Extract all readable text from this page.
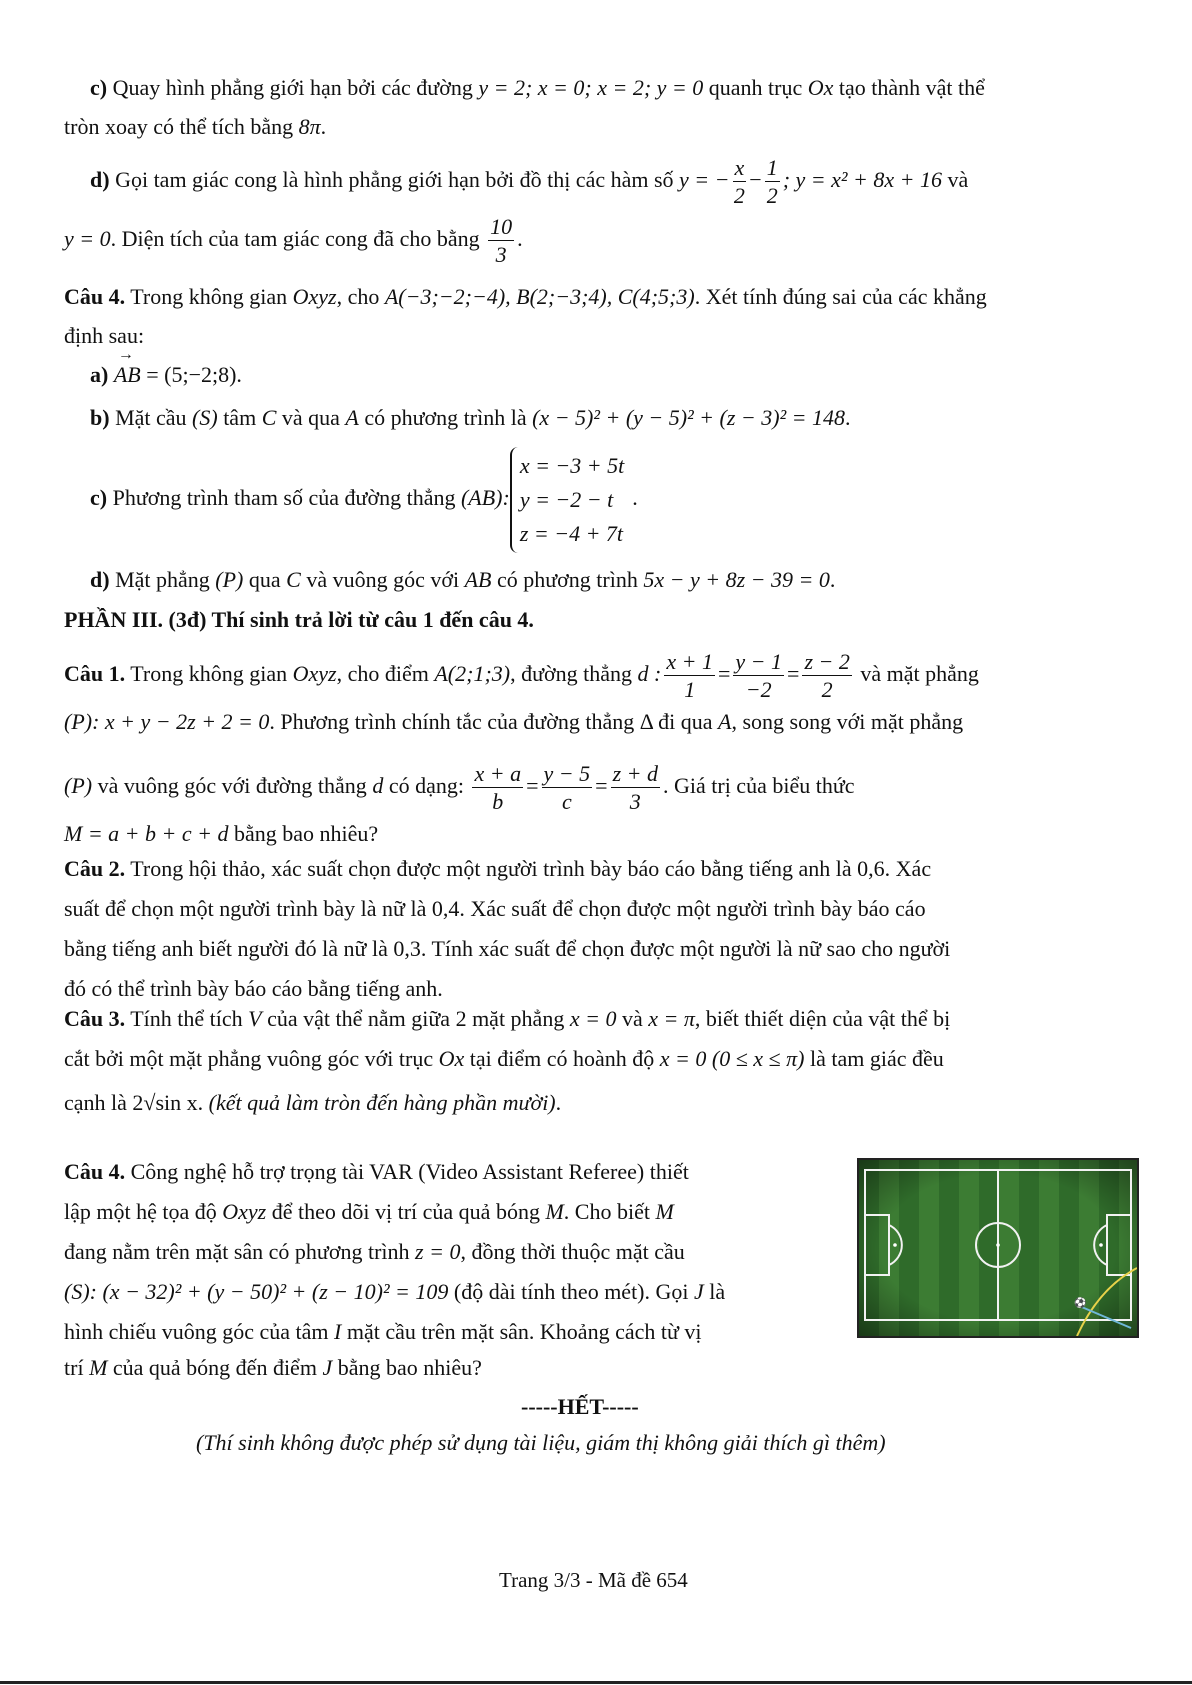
c) Quay hình phẳng giới hạn bởi các đường y = 2; x = 0; x = 2; y = 0 quanh trục Ox tạo thành vật thể
tròn xoay có thể tích bằng 8π.
d) Gọi tam giác cong là hình phẳng giới hạn bởi đồ thị các hàm số y = − $\frac{x}{2} - \frac{1}{2}$ ; y = x² + 8x + 16 và
y = 0. Diện tích của tam giác cong đã cho bằng $\frac{10}{3}$ .
Câu 4. Trong không gian Oxyz, cho A(−3;−2;−4), B(2;−3;4), C(4;5;3). Xét tính đúng sai của các khẳng
định sau:
a) → AB = (5;−2;8).
b) Mặt cầu (S) tâm C và qua A có phương trình là (x − 5)² + (y − 5)² + (z − 3)² = 148.
c) Phương trình tham số của đường thẳng (AB):
x = −3 + 5t
y = −2 − t
z = −4 + 7t
.
d) Mặt phẳng (P) qua C và vuông góc với AB có phương trình 5x − y + 8z − 39 = 0.
PHẦN III. (3đ) Thí sinh trả lời từ câu 1 đến câu 4.
Câu 1. Trong không gian Oxyz, cho điểm A(2;1;3), đường thẳng d : $\frac{x + 1}{1} = \frac{y - 1}{-2} = \frac{z - 2}{2}$ và mặt phẳng
(P): x + y − 2z + 2 = 0. Phương trình chính tắc của đường thẳng Δ đi qua A, song song với mặt phẳng
(P) và vuông góc với đường thẳng d có dạng: $\frac{x + a}{b} = \frac{y - 5}{c} = \frac{z + d}{3}$ . Giá trị của biểu thức
M = a + b + c + d bằng bao nhiêu?
Câu 2. Trong hội thảo, xác suất chọn được một người trình bày báo cáo bằng tiếng anh là 0,6. Xác
suất để chọn một người trình bày là nữ là 0,4. Xác suất để chọn được một người trình bày báo cáo
bằng tiếng anh biết người đó là nữ là 0,3. Tính xác suất để chọn được một người là nữ sao cho người
đó có thể trình bày báo cáo bằng tiếng anh.
Câu 3. Tính thể tích V của vật thể nằm giữa 2 mặt phẳng x = 0 và x = π, biết thiết diện của vật thể bị
cắt bởi một mặt phẳng vuông góc với trục Ox tại điểm có hoành độ x = 0 (0 ≤ x ≤ π) là tam giác đều
cạnh là 2√sin x. (kết quả làm tròn đến hàng phần mười).
Câu 4. Công nghệ hỗ trợ trọng tài VAR (Video Assistant Referee) thiết
lập một hệ tọa độ Oxyz để theo dõi vị trí của quả bóng M. Cho biết M
đang nằm trên mặt sân có phương trình z = 0, đồng thời thuộc mặt cầu
(S): (x − 32)² + (y − 50)² + (z − 10)² = 109 (độ dài tính theo mét). Gọi J là
hình chiếu vuông góc của tâm I mặt cầu trên mặt sân. Khoảng cách từ vị
trí M của quả bóng đến điểm J bằng bao nhiêu?
⚽
-----HẾT-----
(Thí sinh không được phép sử dụng tài liệu, giám thị không giải thích gì thêm)
Trang 3/3 - Mã đề 654
